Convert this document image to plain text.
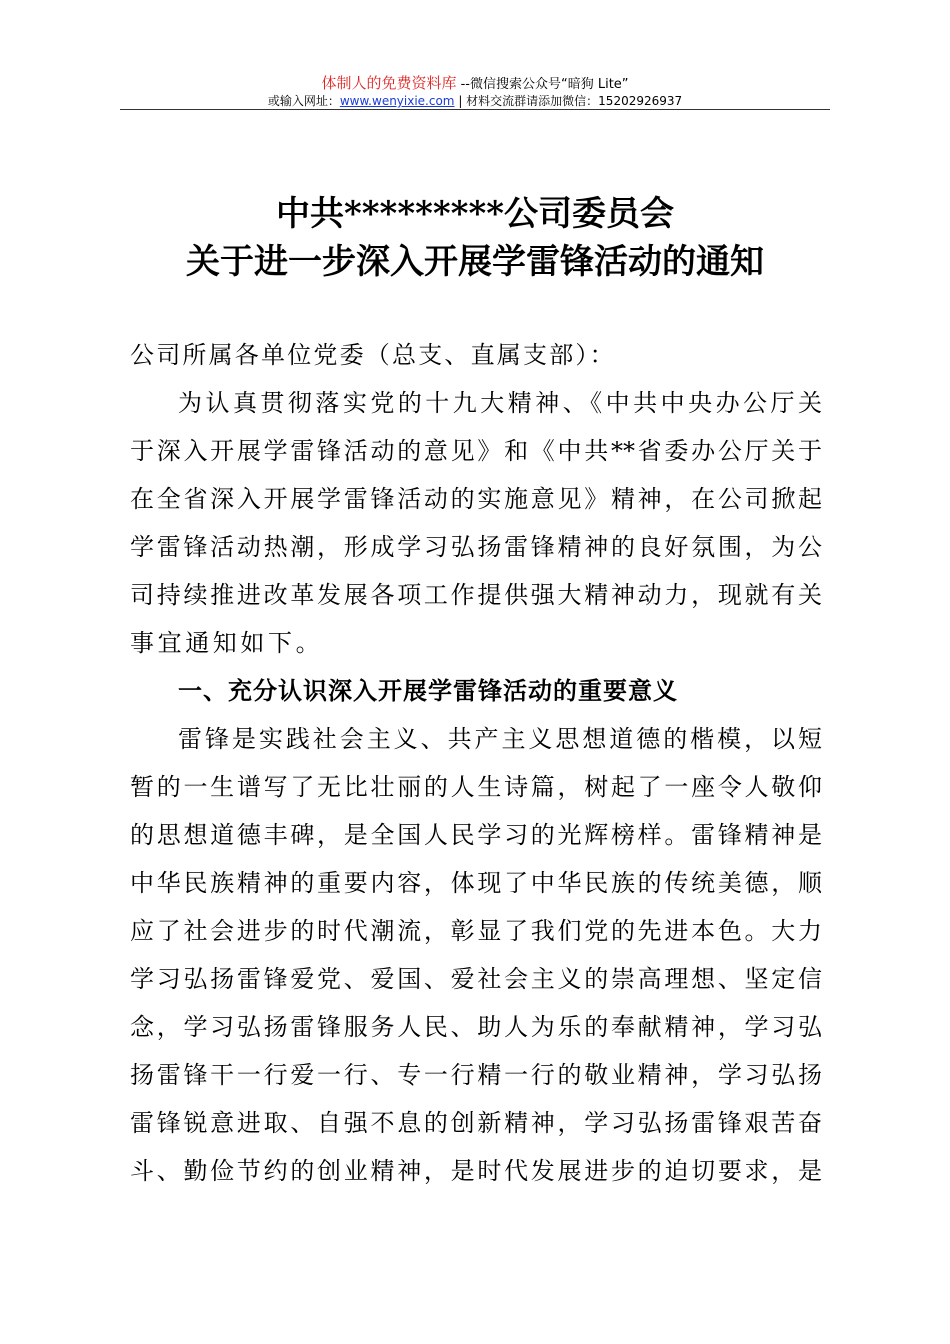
体制人的免费资料库 --微信搜索公众号“暗狗 Lite”
或输入网址：www.wenyixie.com | 材料交流群请添加微信：15202926937
中共*********公司委员会
关于进一步深入开展学雷锋活动的通知
公司所属各单位党委（总支、直属支部）：
为认真贯彻落实党的十九大精神、《中共中央办公厅关
于深入开展学雷锋活动的意见》和《中共**省委办公厅关于
在全省深入开展学雷锋活动的实施意见》精神，在公司掀起
学雷锋活动热潮，形成学习弘扬雷锋精神的良好氛围，为公
司持续推进改革发展各项工作提供强大精神动力，现就有关
事宜通知如下。
一、充分认识深入开展学雷锋活动的重要意义
雷锋是实践社会主义、共产主义思想道德的楷模，以短
暂的一生谱写了无比壮丽的人生诗篇，树起了一座令人敬仰
的思想道德丰碑，是全国人民学习的光辉榜样。雷锋精神是
中华民族精神的重要内容，体现了中华民族的传统美德，顺
应了社会进步的时代潮流，彰显了我们党的先进本色。大力
学习弘扬雷锋爱党、爱国、爱社会主义的崇高理想、坚定信
念，学习弘扬雷锋服务人民、助人为乐的奉献精神，学习弘
扬雷锋干一行爱一行、专一行精一行的敬业精神，学习弘扬
雷锋锐意进取、自强不息的创新精神，学习弘扬雷锋艰苦奋
斗、勤俭节约的创业精神，是时代发展进步的迫切要求，是
